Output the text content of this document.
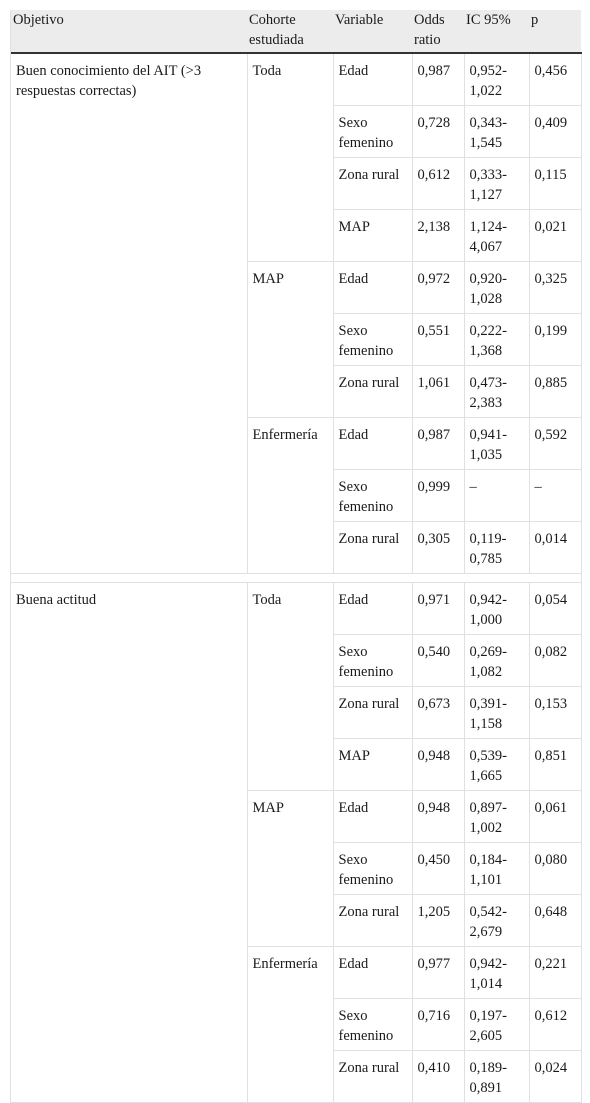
Objetivo	Cohorte estudiada	Variable	Odds ratio	IC 95%	p
Buen conocimiento del AIT (>3 respuestas correctas)	Toda	Edad	0,987	0,952-1,022	0,456
		Sexo femenino	0,728	0,343-1,545	0,409
		Zona rural	0,612	0,333-1,127	0,115
		MAP	2,138	1,124-4,067	0,021
	MAP	Edad	0,972	0,920-1,028	0,325
		Sexo femenino	0,551	0,222-1,368	0,199
		Zona rural	1,061	0,473-2,383	0,885
	Enfermería	Edad	0,987	0,941-1,035	0,592
		Sexo femenino	0,999	–	–
		Zona rural	0,305	0,119-0,785	0,014

Buena actitud	Toda	Edad	0,971	0,942-1,000	0,054
		Sexo femenino	0,540	0,269-1,082	0,082
		Zona rural	0,673	0,391-1,158	0,153
		MAP	0,948	0,539-1,665	0,851
	MAP	Edad	0,948	0,897-1,002	0,061
		Sexo femenino	0,450	0,184-1,101	0,080
		Zona rural	1,205	0,542-2,679	0,648
	Enfermería	Edad	0,977	0,942-1,014	0,221
		Sexo femenino	0,716	0,197-2,605	0,612
		Zona rural	0,410	0,189-0,891	0,024
